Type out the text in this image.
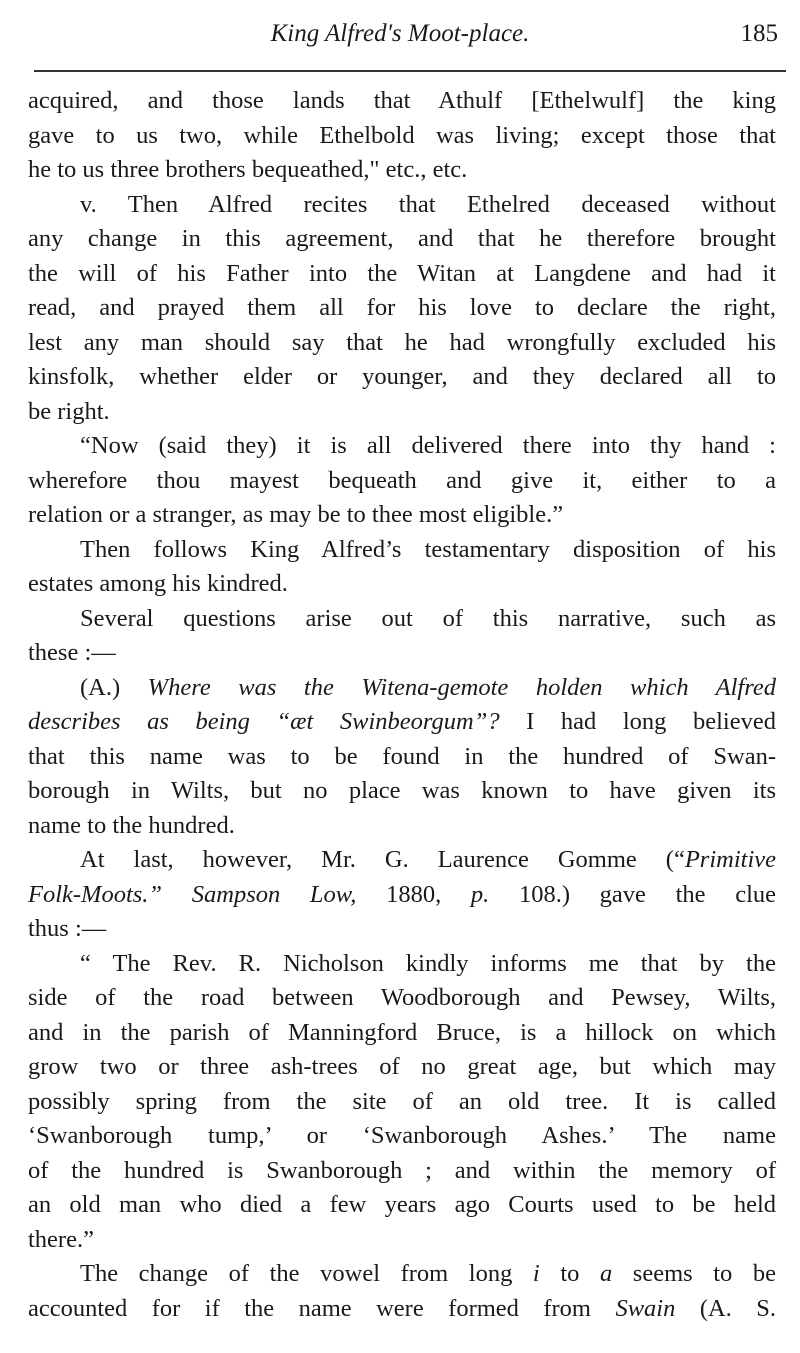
King Alfred's Moot-place.	185
acquired, and those lands that Athulf [Ethelwulf] the king
gave to us two, while Ethelbold was living; except those that
he to us three brothers bequeathed," etc., etc.
v. Then Alfred recites that Ethelred deceased without
any change in this agreement, and that he therefore brought
the will of his Father into the Witan at Langdene and had it
read, and prayed them all for his love to declare the right,
lest any man should say that he had wrongfully excluded his
kinsfolk, whether elder or younger, and they declared all to
be right.
“Now (said they) it is all delivered there into thy hand :
wherefore thou mayest bequeath and give it, either to a
relation or a stranger, as may be to thee most eligible.”
Then follows King Alfred’s testamentary disposition of his
estates among his kindred.
Several questions arise out of this narrative, such as
these :—
(A.) Where was the Witena-gemote holden which Alfred
describes as being “æt Swinbeorgum”? I had long believed
that this name was to be found in the hundred of Swan-
borough in Wilts, but no place was known to have given its
name to the hundred.
At last, however, Mr. G. Laurence Gomme (“Primitive
Folk-Moots.” Sampson Low, 1880, p. 108.) gave the clue
thus :—
“ The Rev. R. Nicholson kindly informs me that by the
side of the road between Woodborough and Pewsey, Wilts,
and in the parish of Manningford Bruce, is a hillock on which
grow two or three ash-trees of no great age, but which may
possibly spring from the site of an old tree. It is called
‘Swanborough tump,’ or ‘Swanborough Ashes.’ The name
of the hundred is Swanborough ; and within the memory of
an old man who died a few years ago Courts used to be held
there.”
The change of the vowel from long i to a seems to be
accounted for if the name were formed from Swain (A. S.
